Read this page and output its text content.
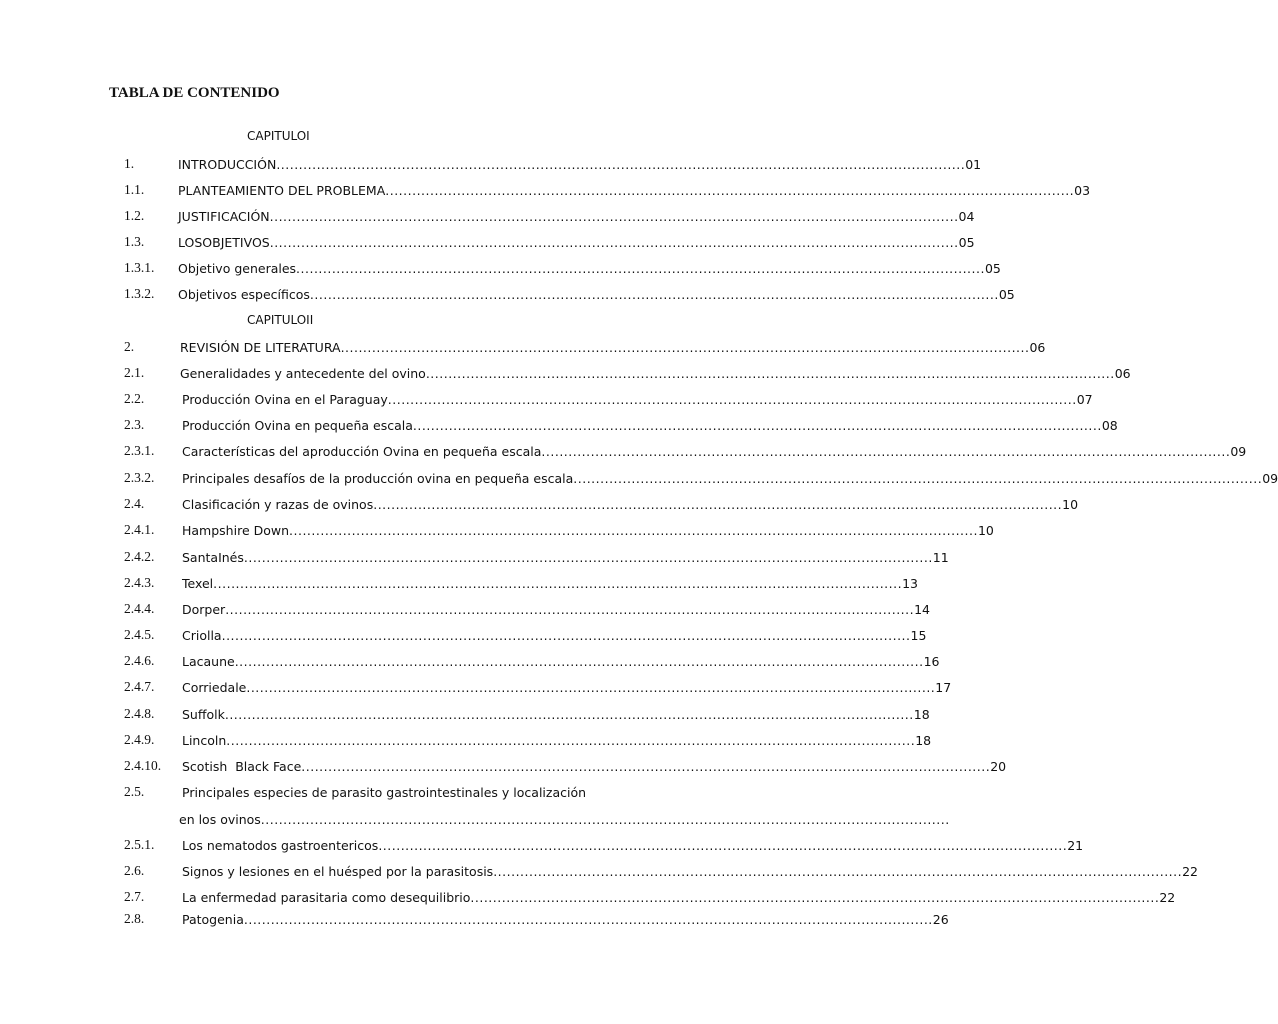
TABLA DE CONTENIDO
CAPITULOI
CAPITULOII
1.	INTRODUCCIÓN .......................................................................................................................................................... 01
1.1.	PLANTEAMIENTO DEL PROBLEMA .......................................................................................................................................................... 03
1.2.	JUSTIFICACIÓN .......................................................................................................................................................... 04
1.3.	LOSOBJETIVOS .......................................................................................................................................................... 05
1.3.1. Objetivo generales .......................................................................................................................................................... 05
1.3.2. Objetivos específicos .......................................................................................................................................................... 05
2.	REVISIÓN DE LITERATURA .......................................................................................................................................................... 06
2.1.	Generalidades y antecedente del ovino .......................................................................................................................................................... 06
2.2.	Producción Ovina en el Paraguay .......................................................................................................................................................... 07
2.3.	Producción Ovina en pequeña escala .......................................................................................................................................................... 08
2.3.1. Características del aproducción Ovina en pequeña escala .......................................................................................................................................................... 09
2.3.2. Principales desafíos de la producción ovina en pequeña escala .......................................................................................................................................................... 09
2.4.	Clasificación y razas de ovinos .......................................................................................................................................................... 10
2.4.1. Hampshire Down .......................................................................................................................................................... 10
2.4.2. SantaInés .......................................................................................................................................................... 11
2.4.3. Texel .......................................................................................................................................................... 13
2.4.4. Dorper .......................................................................................................................................................... 14
2.4.5. Criolla .......................................................................................................................................................... 15
2.4.6. Lacaune .......................................................................................................................................................... 16
2.4.7. Corriedale .......................................................................................................................................................... 17
2.4.8. Suffolk .......................................................................................................................................................... 18
2.4.9. Lincoln .......................................................................................................................................................... 18
2.4.10. Scotish  Black Face .......................................................................................................................................................... 20
2.5.	Principales especies de parasito gastrointestinales y localización
en los ovinos ..........................................................................................................................................................
2.5.1. Los nematodos gastroentericos .......................................................................................................................................................... 21
2.6.	Signos y lesiones en el huésped por la parasitosis .......................................................................................................................................................... 22
2.7.	La enfermedad parasitaria como desequilibrio .......................................................................................................................................................... 22
2.8.	Patogenia .......................................................................................................................................................... 26
